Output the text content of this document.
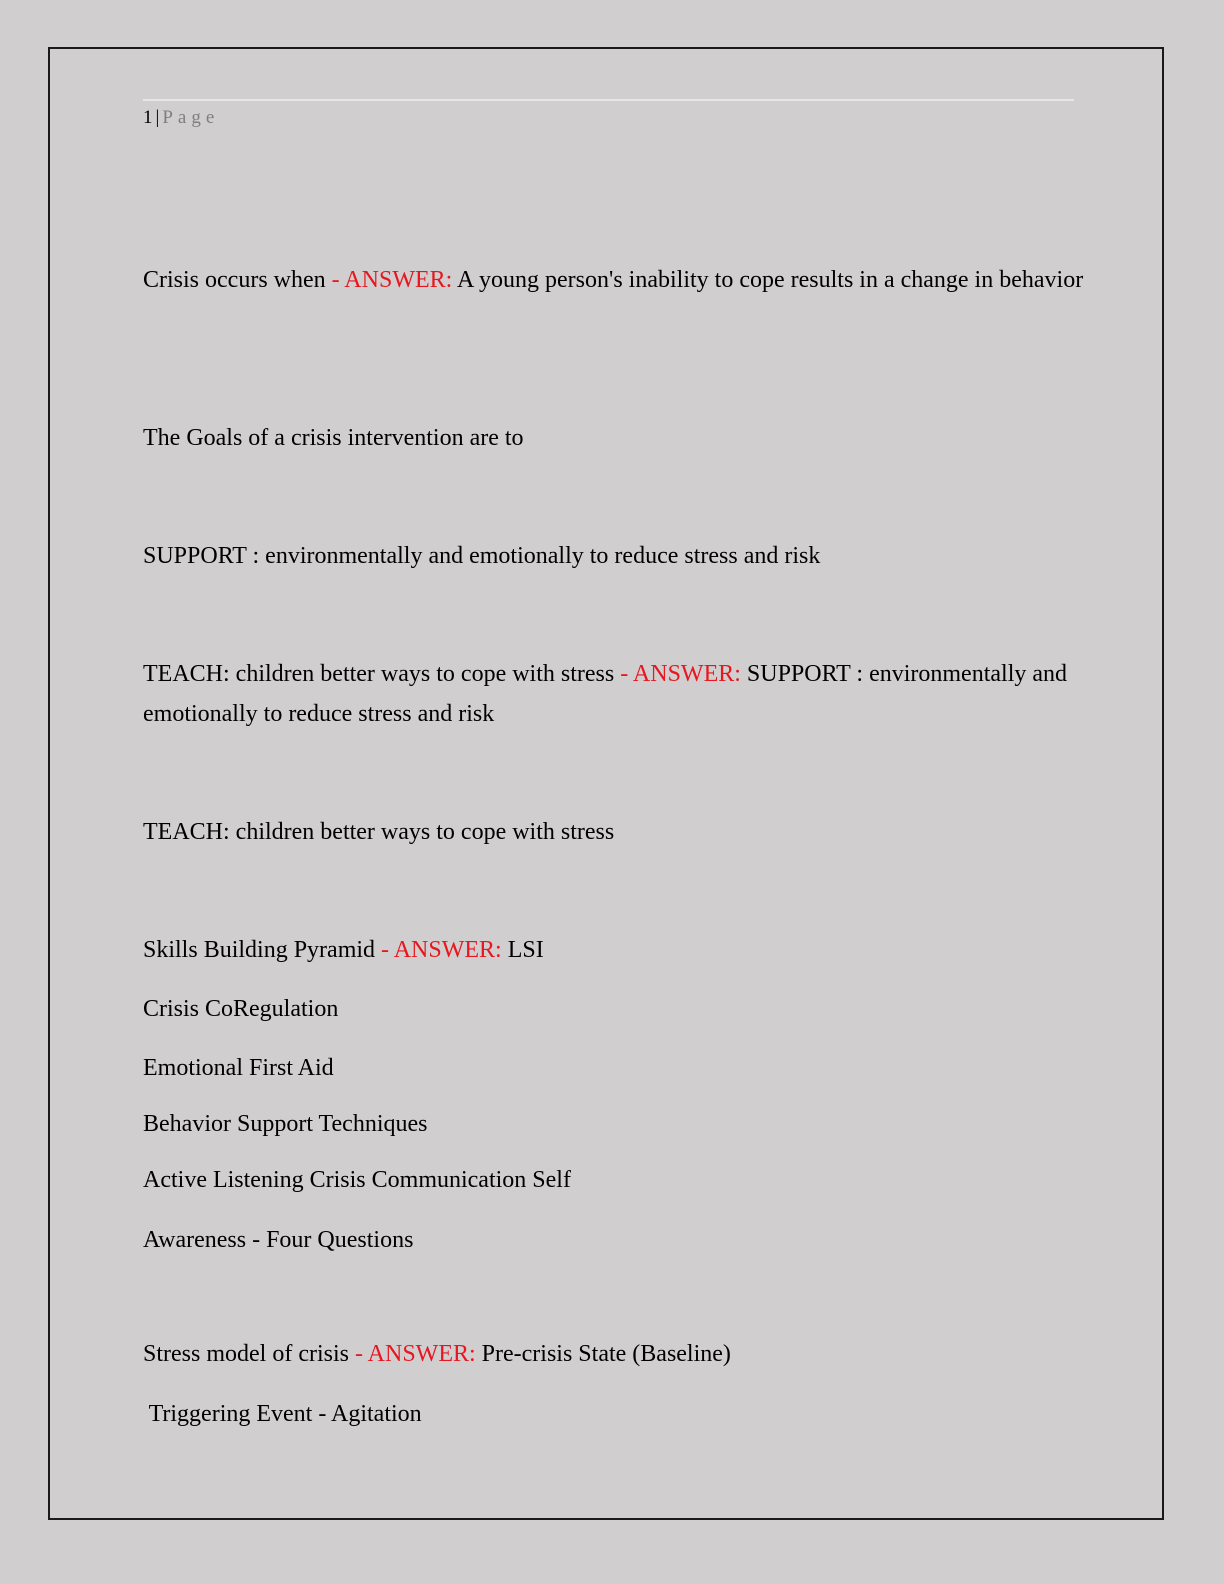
1 | Page

Crisis occurs when - ANSWER: A young person's inability to cope results in a change in behavior

The Goals of a crisis intervention are to

SUPPORT : environmentally and emotionally to reduce stress and risk

TEACH: children better ways to cope with stress - ANSWER: SUPPORT : environmentally and emotionally to reduce stress and risk

TEACH: children better ways to cope with stress

Skills Building Pyramid - ANSWER: LSI

Crisis CoRegulation

Emotional First Aid

Behavior Support Techniques

Active Listening Crisis Communication Self

Awareness - Four Questions

Stress model of crisis - ANSWER: Pre-crisis State (Baseline)

Triggering Event - Agitation
